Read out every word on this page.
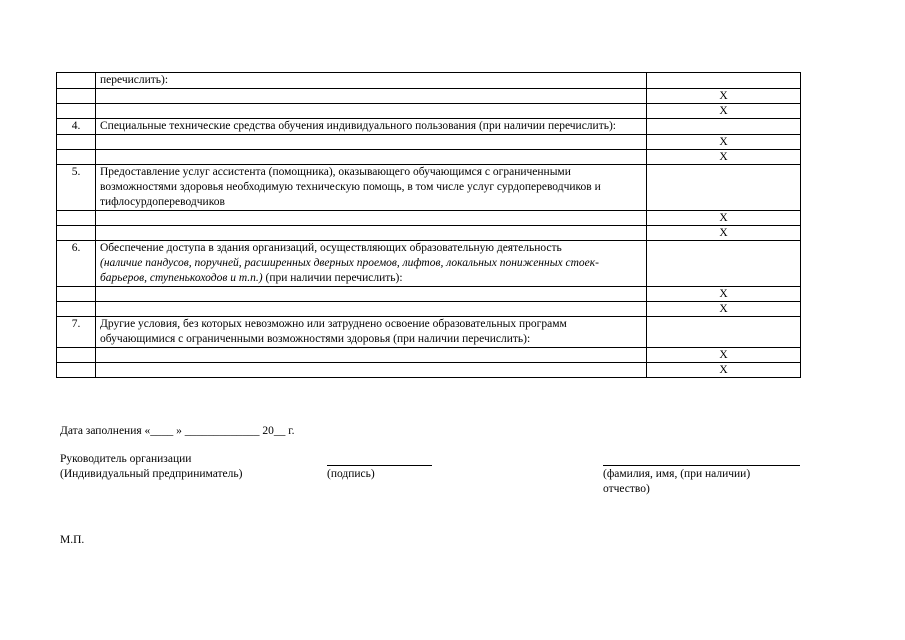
	перечислить):	
		X
		X
4.	Специальные технические средства обучения индивидуального пользования (при наличии перечислить):	
		X
		X
5.	Предоставление услуг ассистента (помощника), оказывающего обучающимся с ограниченными возможностями здоровья необходимую техническую помощь, в том числе услуг сурдопереводчиков и тифлосурдопереводчиков	
		X
		X
6.	Обеспечение доступа в здания организаций, осуществляющих образовательную деятельность
(наличие пандусов, поручней, расширенных дверных проемов, лифтов, локальных пониженных стоек-барьеров, ступенькоходов и т.п.) (при наличии перечислить):	
		X
		X
7.	Другие условия, без которых невозможно или затруднено освоение образовательных программ обучающимися с ограниченными возможностями здоровья (при наличии перечислить):	
		X
		X
Дата заполнения «____ » _____________ 20__ г.
Руководитель организации
(Индивидуальный предприниматель)	(подпись)	(фамилия, имя, (при наличии)
отчество)
М.П.
